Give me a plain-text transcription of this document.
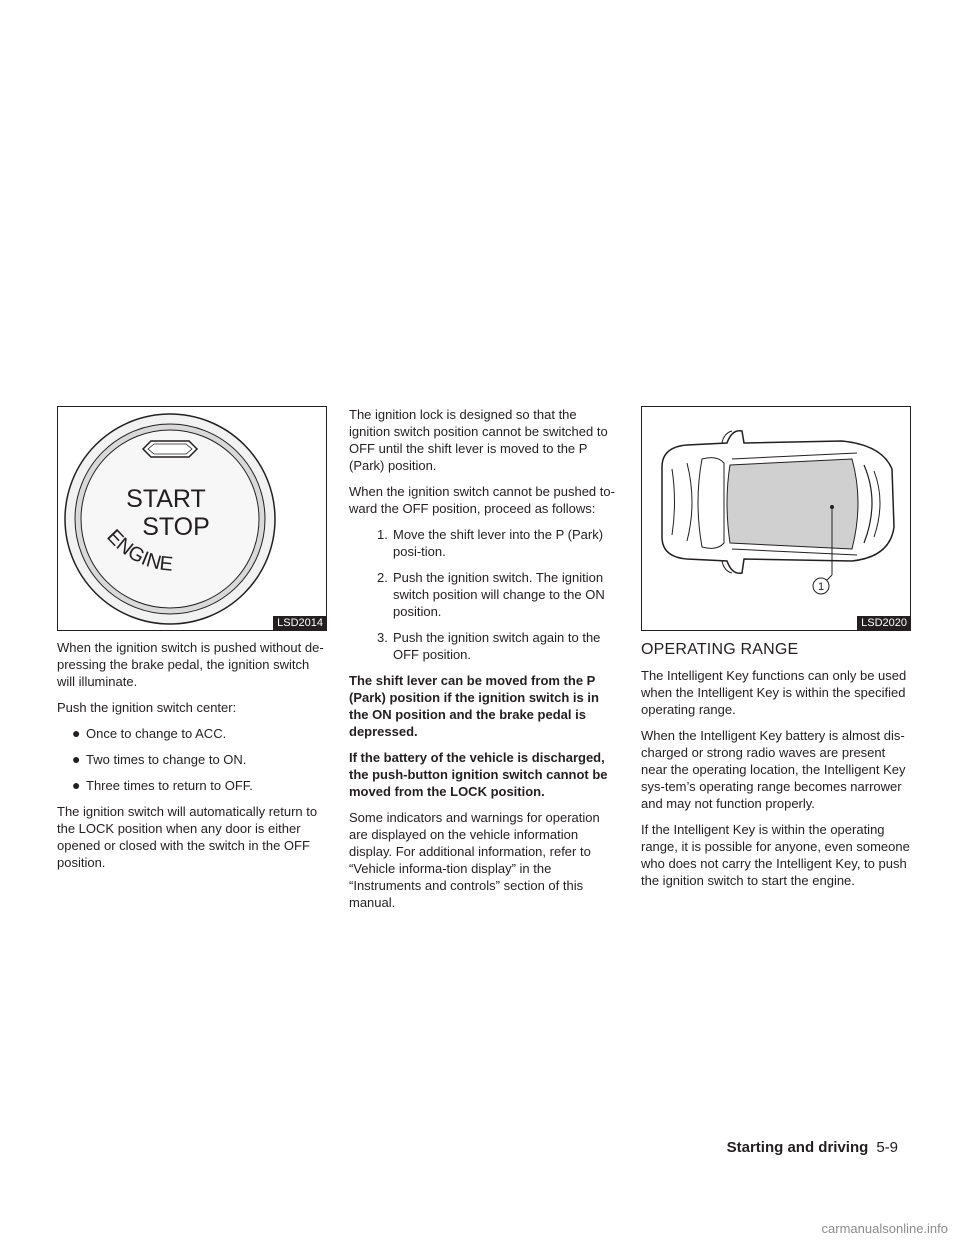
START
STOP
ENGINE
LSD2014

When the ignition switch is pushed without de-pressing the brake pedal, the ignition switch will illuminate.

Push the ignition switch center:

● Once to change to ACC.
● Two times to change to ON.
● Three times to return to OFF.

The ignition switch will automatically return to the LOCK position when any door is either opened or closed with the switch in the OFF position.

The ignition lock is designed so that the ignition switch position cannot be switched to OFF until the shift lever is moved to the P (Park) position.

When the ignition switch cannot be pushed to-ward the OFF position, proceed as follows:

1. Move the shift lever into the P (Park) posi-tion.
2. Push the ignition switch. The ignition switch position will change to the ON position.
3. Push the ignition switch again to the OFF position.

The shift lever can be moved from the P (Park) position if the ignition switch is in the ON position and the brake pedal is depressed.

If the battery of the vehicle is discharged, the push-button ignition switch cannot be moved from the LOCK position.

Some indicators and warnings for operation are displayed on the vehicle information display. For additional information, refer to “Vehicle informa-tion display” in the “Instruments and controls” section of this manual.

1
LSD2020
OPERATING RANGE

The Intelligent Key functions can only be used when the Intelligent Key is within the specified operating range.

When the Intelligent Key battery is almost dis-charged or strong radio waves are present near the operating location, the Intelligent Key sys-tem’s operating range becomes narrower and may not function properly.

If the Intelligent Key is within the operating range, it is possible for anyone, even someone who does not carry the Intelligent Key, to push the ignition switch to start the engine.

Starting and driving 5-9
carmanualsonline.info
